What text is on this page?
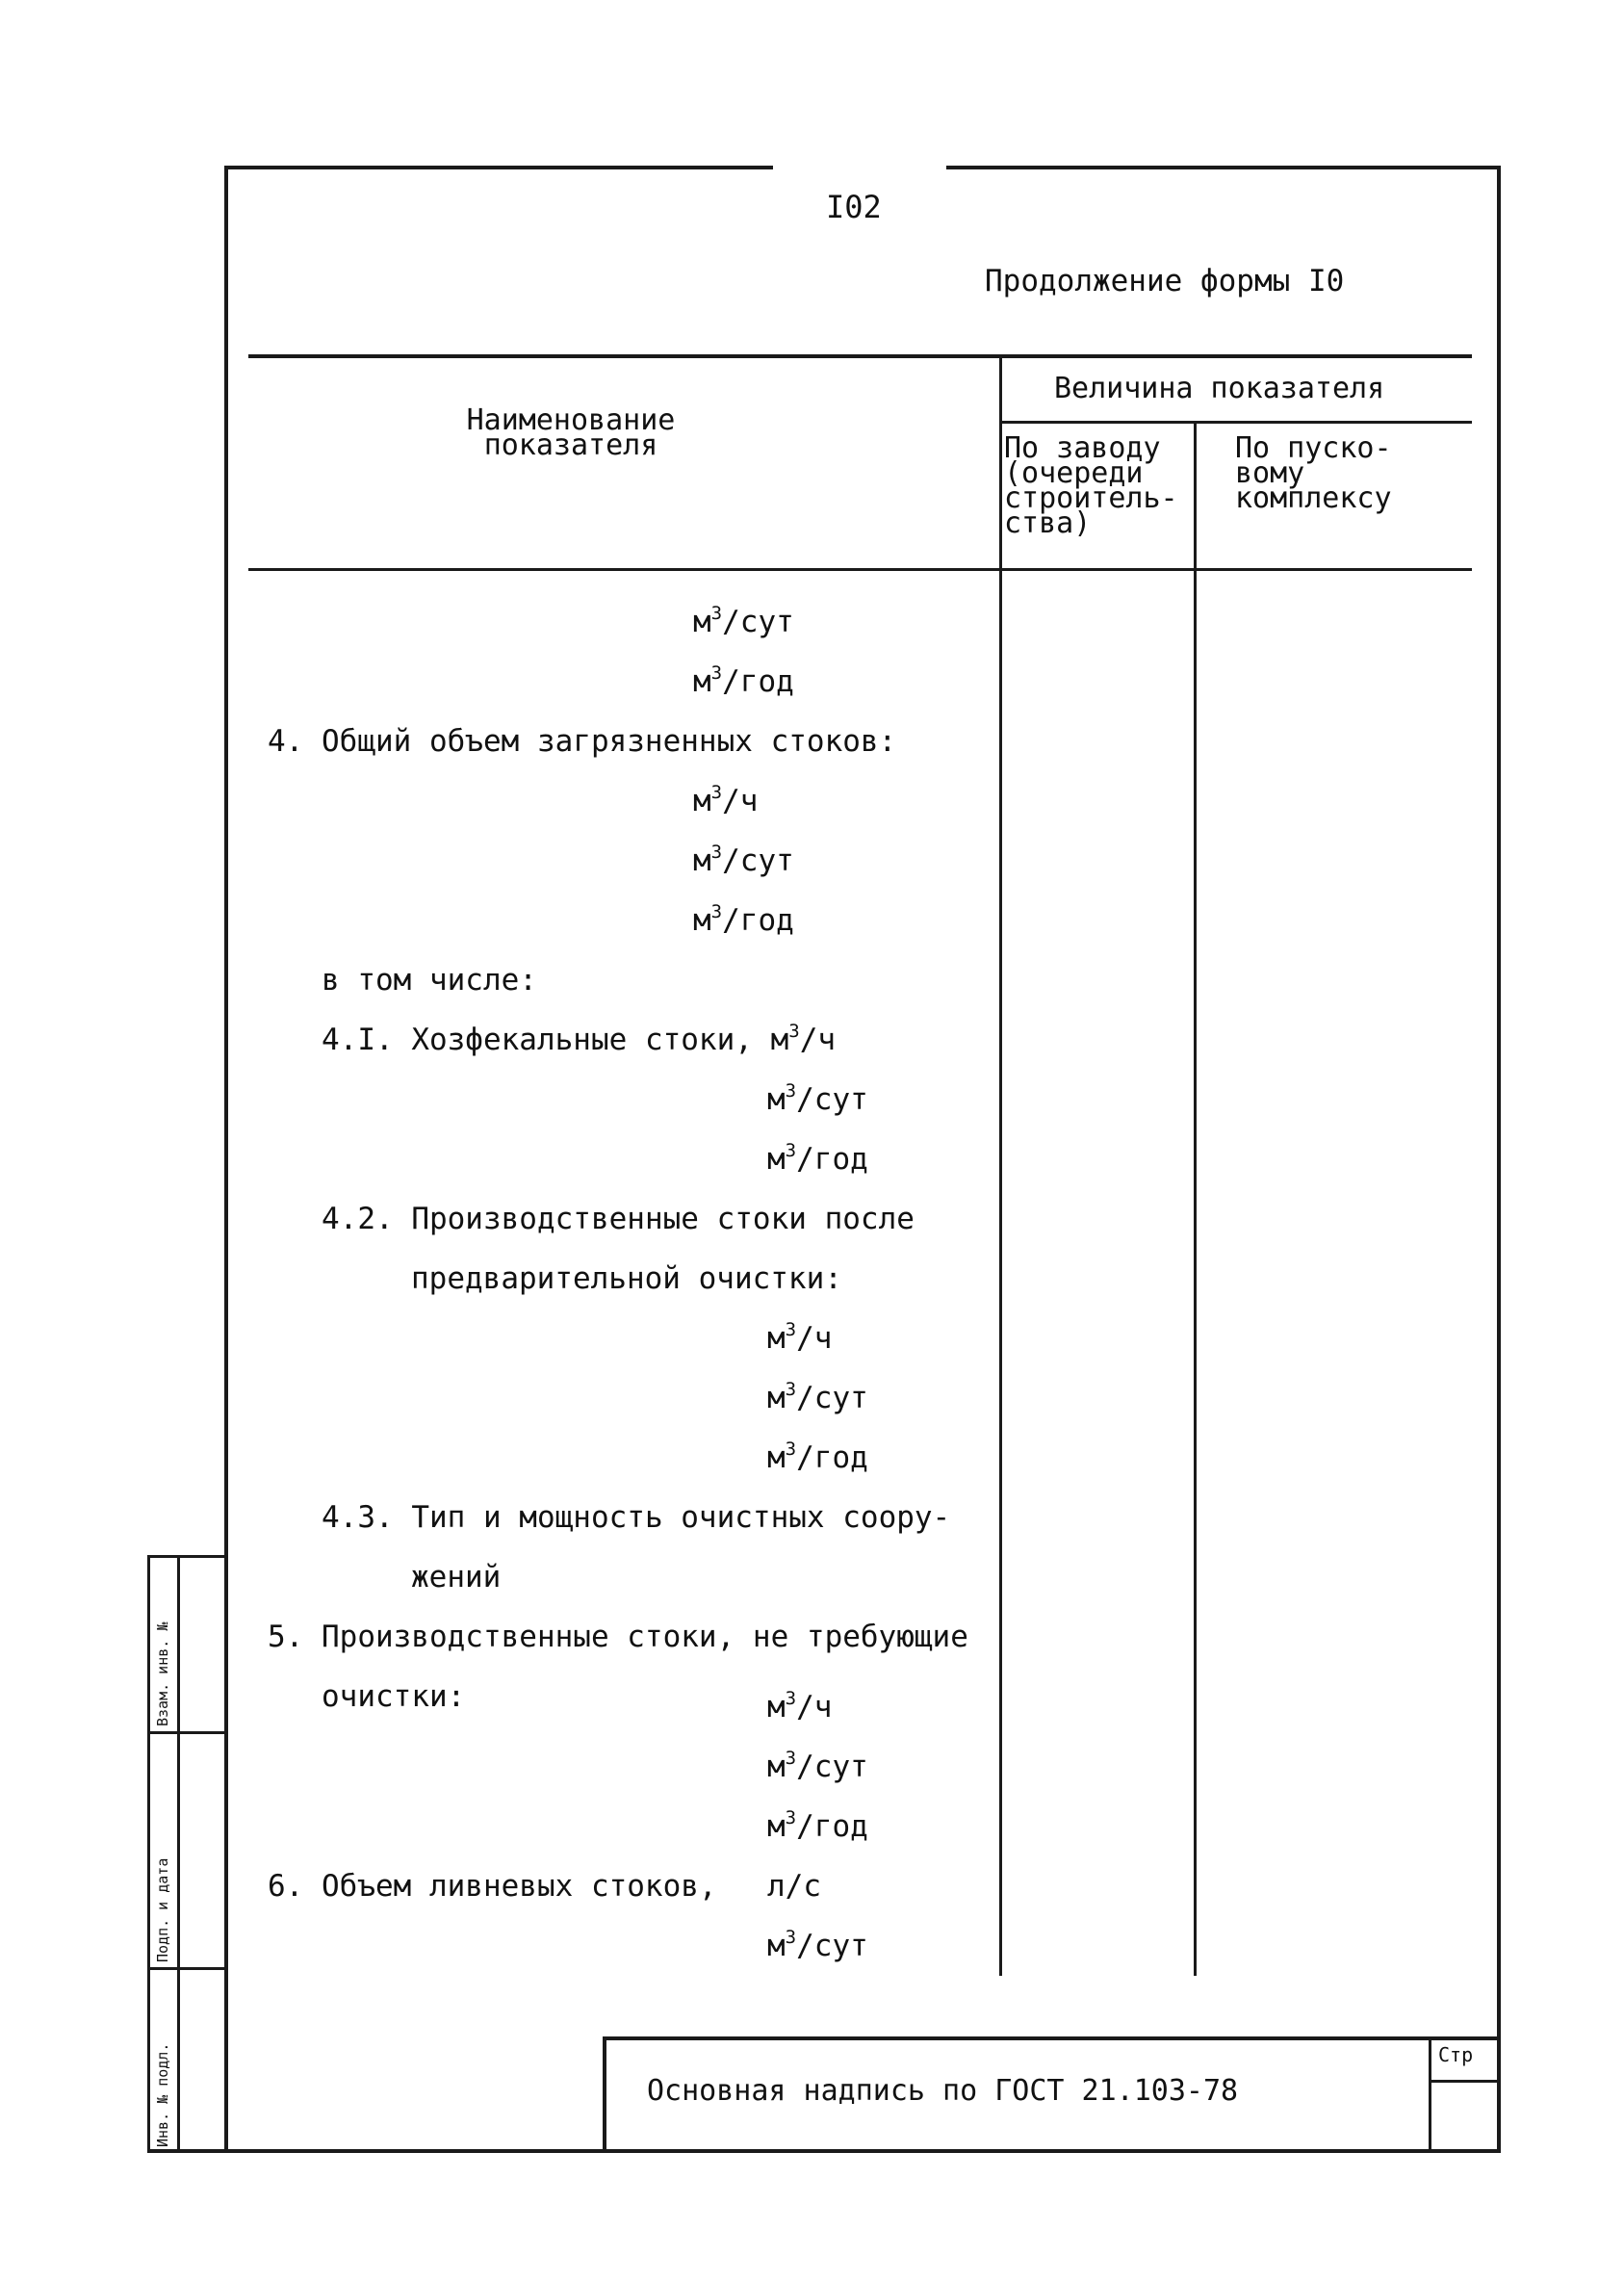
I02
Продолжение формы I0
Наименование
показателя
Величина показателя
По заводу
(очереди
строитель-
ства)
По пуско-
вому
комплексу
$м^3$/сут
$м^3$/год
4. Общий объем загрязненных стоков:
$м^3/ч$
$м^3$/сут
$м^3$/год
в том числе:
4.I. Хозфекальные стоки, $м^3/ч$
$м^3$/сут
$м^3$/год
4.2. Производственные стоки после
предварительной очистки:
$м^3/ч$
$м^3$/сут
$м^3$/год
4.3. Тип и мощность очистных соору-
жений
5. Производственные стоки, не требующие
очистки:	$м^3/ч$
$м^3$/сут
$м^3$/год
6. Объем ливневых стоков, л/с
$м^3$/сут
Основная надпись по ГОСТ 21.103-78
Стр
Взам. инв. №
Подп. и дата
Инв. № подл.
